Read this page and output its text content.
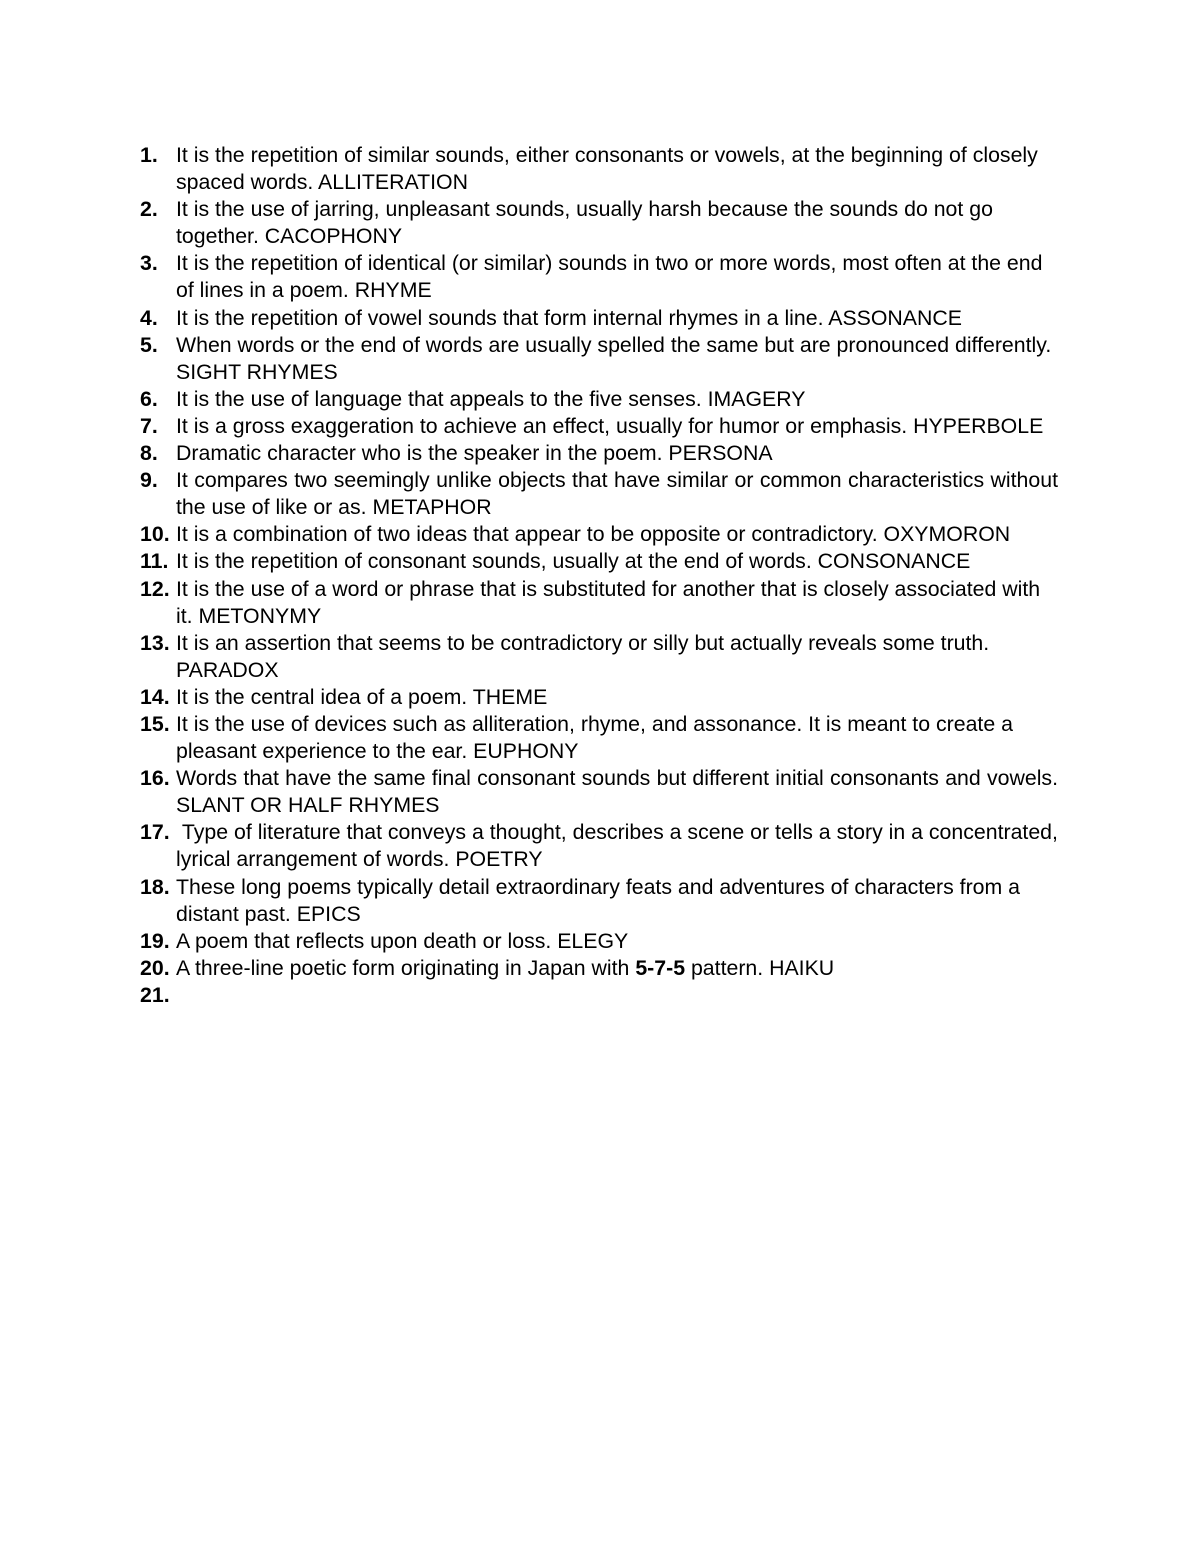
1. It is the repetition of similar sounds, either consonants or vowels, at the beginning of closely spaced words. ALLITERATION
2. It is the use of jarring, unpleasant sounds, usually harsh because the sounds do not go together. CACOPHONY
3. It is the repetition of identical (or similar) sounds in two or more words, most often at the end of lines in a poem. RHYME
4. It is the repetition of vowel sounds that form internal rhymes in a line. ASSONANCE
5. When words or the end of words are usually spelled the same but are pronounced differently. SIGHT RHYMES
6. It is the use of language that appeals to the five senses. IMAGERY
7. It is a gross exaggeration to achieve an effect, usually for humor or emphasis. HYPERBOLE
8. Dramatic character who is the speaker in the poem. PERSONA
9. It compares two seemingly unlike objects that have similar or common characteristics without the use of like or as. METAPHOR
10. It is a combination of two ideas that appear to be opposite or contradictory. OXYMORON
11. It is the repetition of consonant sounds, usually at the end of words. CONSONANCE
12. It is the use of a word or phrase that is substituted for another that is closely associated with it. METONYMY
13. It is an assertion that seems to be contradictory or silly but actually reveals some truth. PARADOX
14. It is the central idea of a poem. THEME
15. It is the use of devices such as alliteration, rhyme, and assonance. It is meant to create a pleasant experience to the ear. EUPHONY
16. Words that have the same final consonant sounds but different initial consonants and vowels. SLANT OR HALF RHYMES
17. Type of literature that conveys a thought, describes a scene or tells a story in a concentrated, lyrical arrangement of words. POETRY
18. These long poems typically detail extraordinary feats and adventures of characters from a distant past. EPICS
19. A poem that reflects upon death or loss. ELEGY
20. A three-line poetic form originating in Japan with 5-7-5 pattern. HAIKU
21.
